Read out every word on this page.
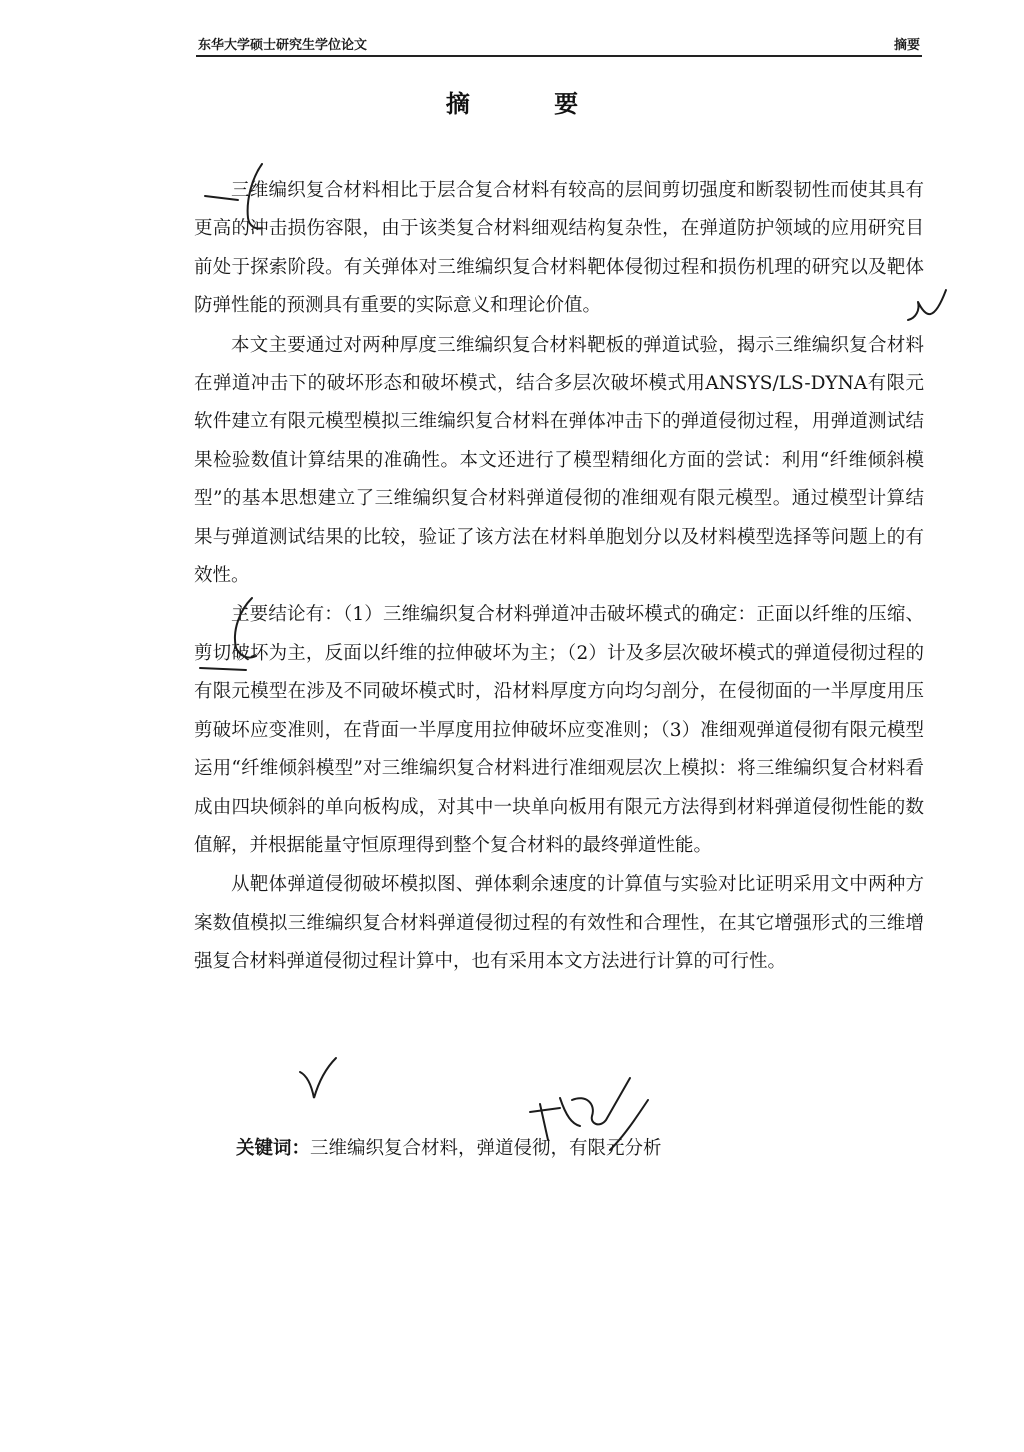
东华大学硕士研究生学位论文	摘要
摘 要

三维编织复合材料相比于层合复合材料有较高的层间剪切强度和断裂韧性而使其具有更高的冲击损伤容限，由于该类复合材料细观结构复杂性，在弹道防护领域的应用研究目前处于探索阶段。有关弹体对三维编织复合材料靶体侵彻过程和损伤机理的研究以及靶体防弹性能的预测具有重要的实际意义和理论价值。

本文主要通过对两种厚度三维编织复合材料靶板的弹道试验，揭示三维编织复合材料在弹道冲击下的破坏形态和破坏模式，结合多层次破坏模式用ANSYS/LS-DYNA有限元软件建立有限元模型模拟三维编织复合材料在弹体冲击下的弹道侵彻过程，用弹道测试结果检验数值计算结果的准确性。本文还进行了模型精细化方面的尝试：利用“纤维倾斜模型”的基本思想建立了三维编织复合材料弹道侵彻的准细观有限元模型。通过模型计算结果与弹道测试结果的比较，验证了该方法在材料单胞划分以及材料模型选择等问题上的有效性。

主要结论有：（1）三维编织复合材料弹道冲击破坏模式的确定：正面以纤维的压缩、剪切破坏为主，反面以纤维的拉伸破坏为主；（2）计及多层次破坏模式的弹道侵彻过程的有限元模型在涉及不同破坏模式时，沿材料厚度方向均匀剖分，在侵彻面的一半厚度用压剪破坏应变准则，在背面一半厚度用拉伸破坏应变准则；（3）准细观弹道侵彻有限元模型运用“纤维倾斜模型”对三维编织复合材料进行准细观层次上模拟：将三维编织复合材料看成由四块倾斜的单向板构成，对其中一块单向板用有限元方法得到材料弹道侵彻性能的数值解，并根据能量守恒原理得到整个复合材料的最终弹道性能。

从靶体弹道侵彻破坏模拟图、弹体剩余速度的计算值与实验对比证明采用文中两种方案数值模拟三维编织复合材料弹道侵彻过程的有效性和合理性，在其它增强形式的三维增强复合材料弹道侵彻过程计算中，也有采用本文方法进行计算的可行性。

关键词：三维编织复合材料，弹道侵彻，有限元分析
